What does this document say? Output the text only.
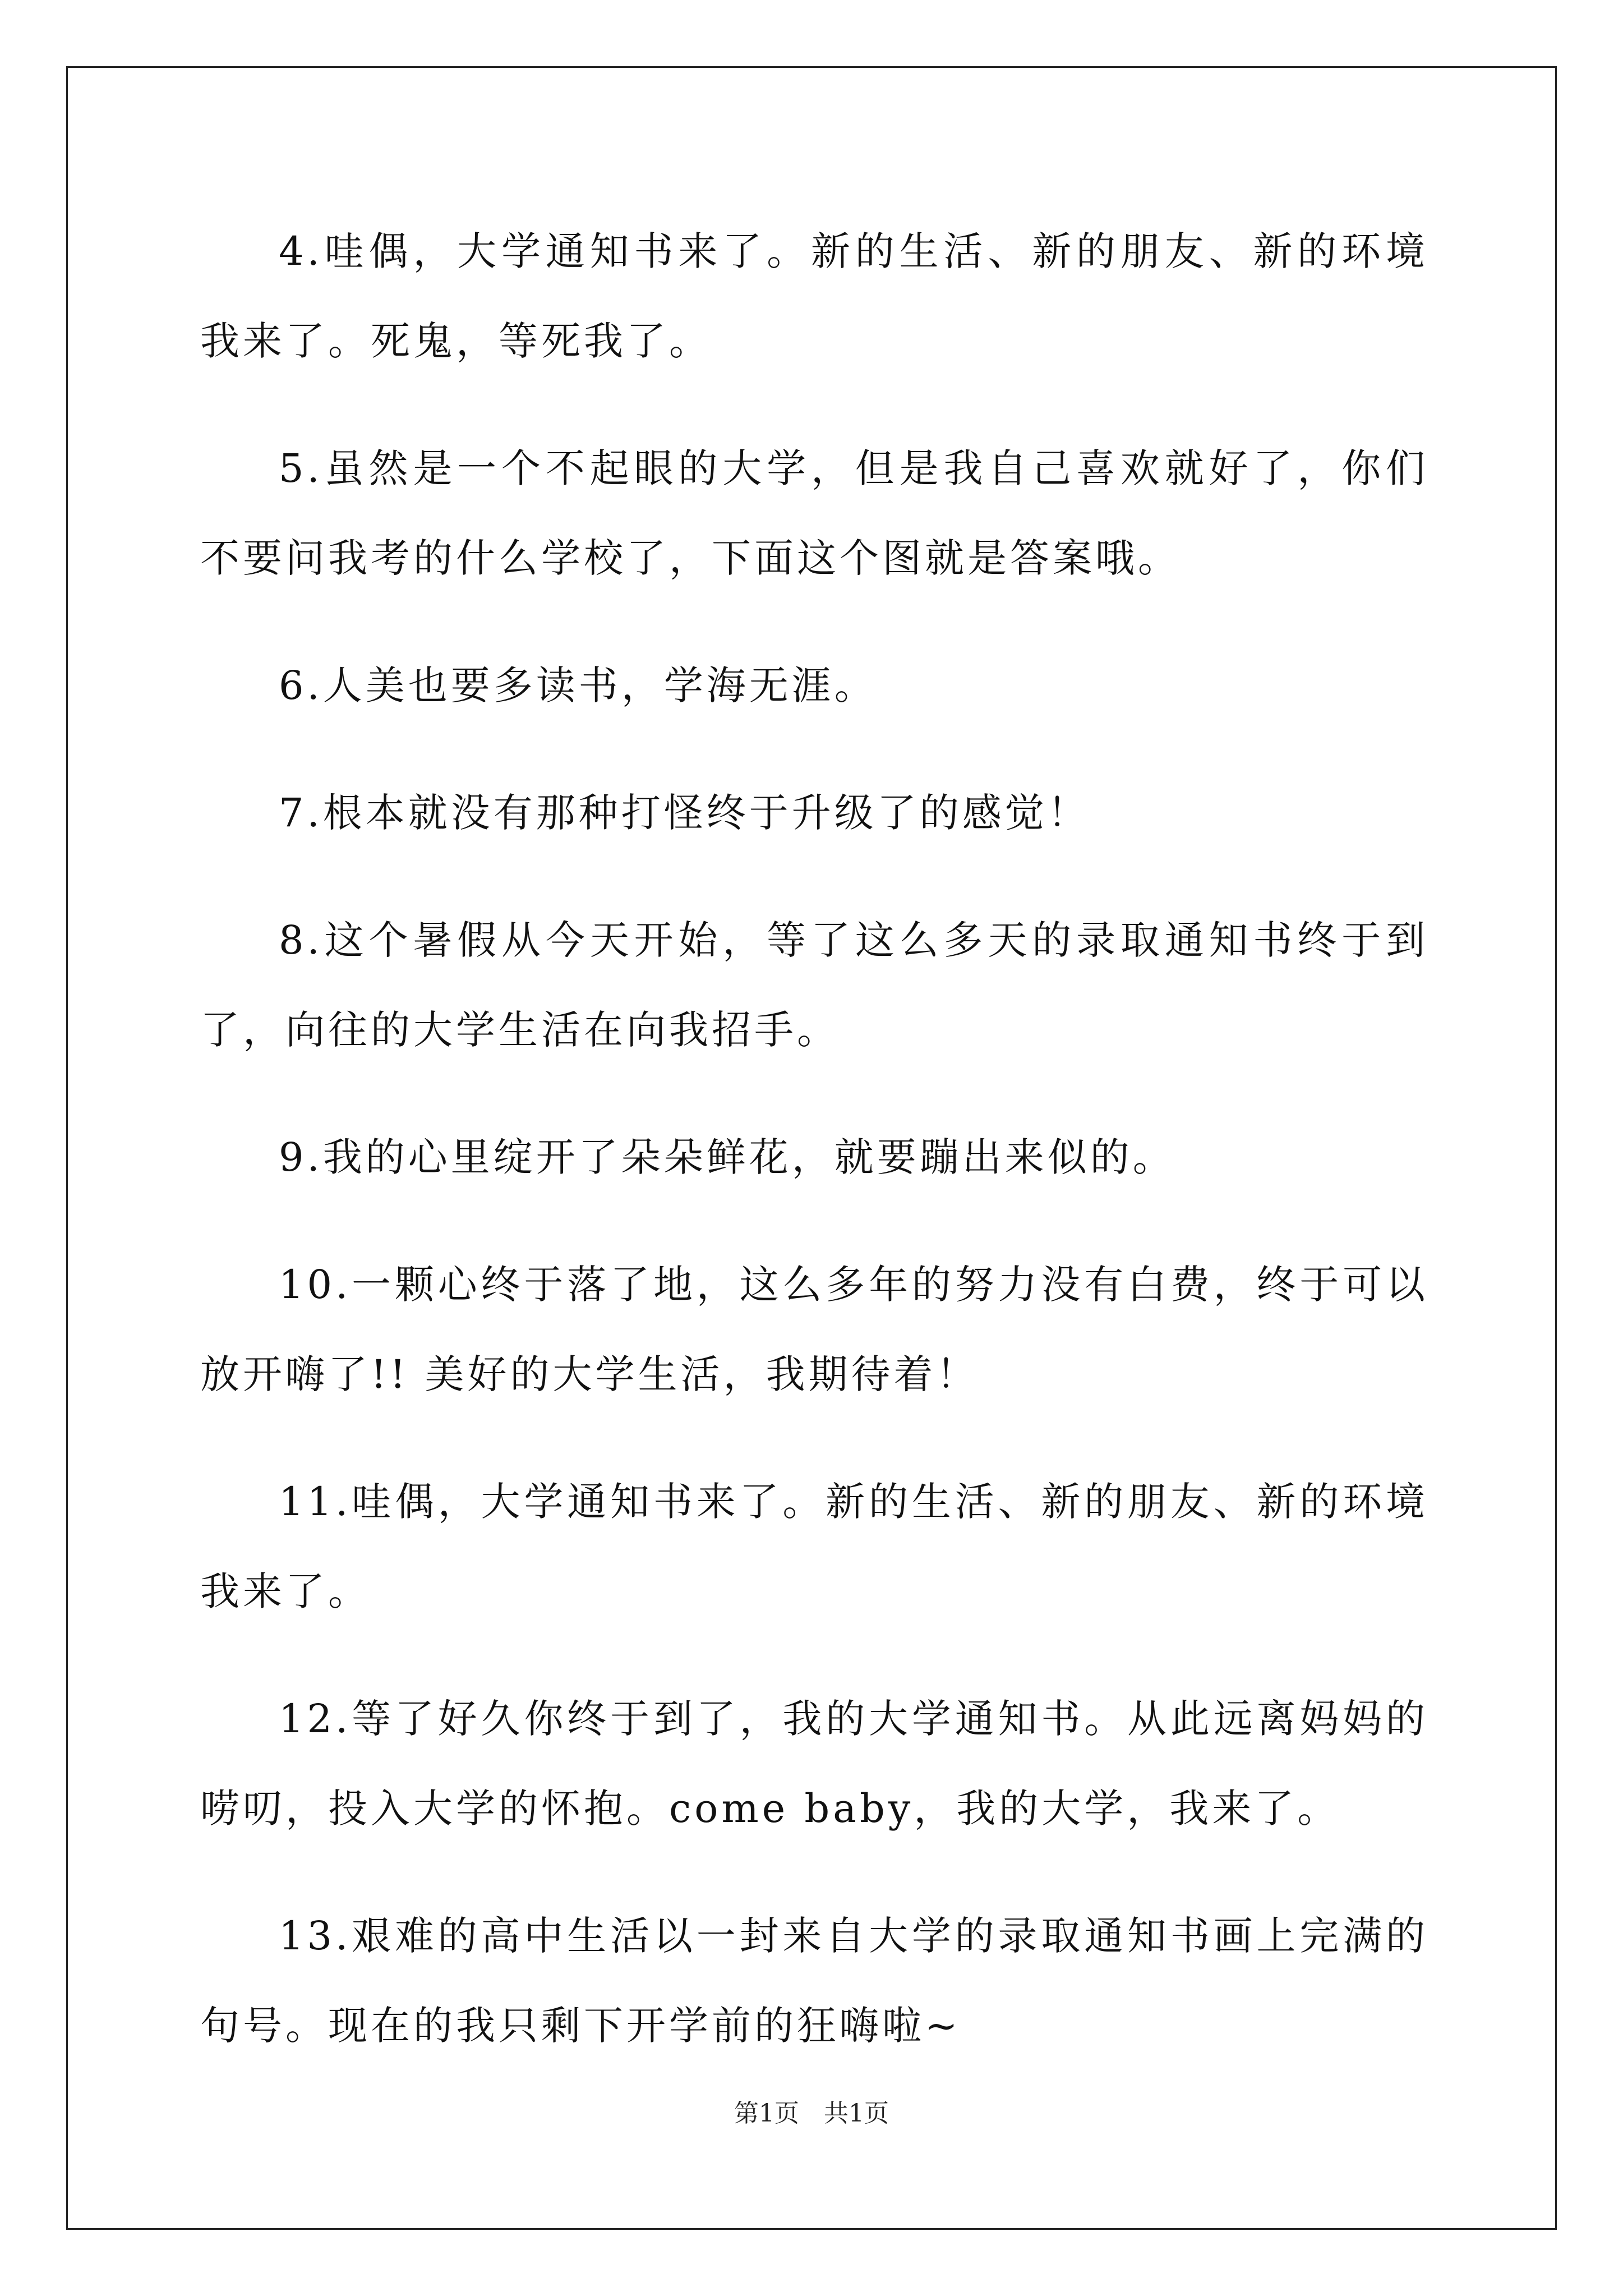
4.哇偶，大学通知书来了。新的生活、新的朋友、新的环境我来了。死鬼，等死我了。

5.虽然是一个不起眼的大学，但是我自己喜欢就好了，你们不要问我考的什么学校了，下面这个图就是答案哦。

6.人美也要多读书，学海无涯。

7.根本就没有那种打怪终于升级了的感觉！

8.这个暑假从今天开始，等了这么多天的录取通知书终于到了，向往的大学生活在向我招手。

9.我的心里绽开了朵朵鲜花，就要蹦出来似的。

10.一颗心终于落了地，这么多年的努力没有白费，终于可以放开嗨了!! 美好的大学生活，我期待着！

11.哇偶，大学通知书来了。新的生活、新的朋友、新的环境我来了。

12.等了好久你终于到了，我的大学通知书。从此远离妈妈的唠叨，投入大学的怀抱。come baby，我的大学，我来了。

13.艰难的高中生活以一封来自大学的录取通知书画上完满的句号。现在的我只剩下开学前的狂嗨啦~

第1页　共1页
